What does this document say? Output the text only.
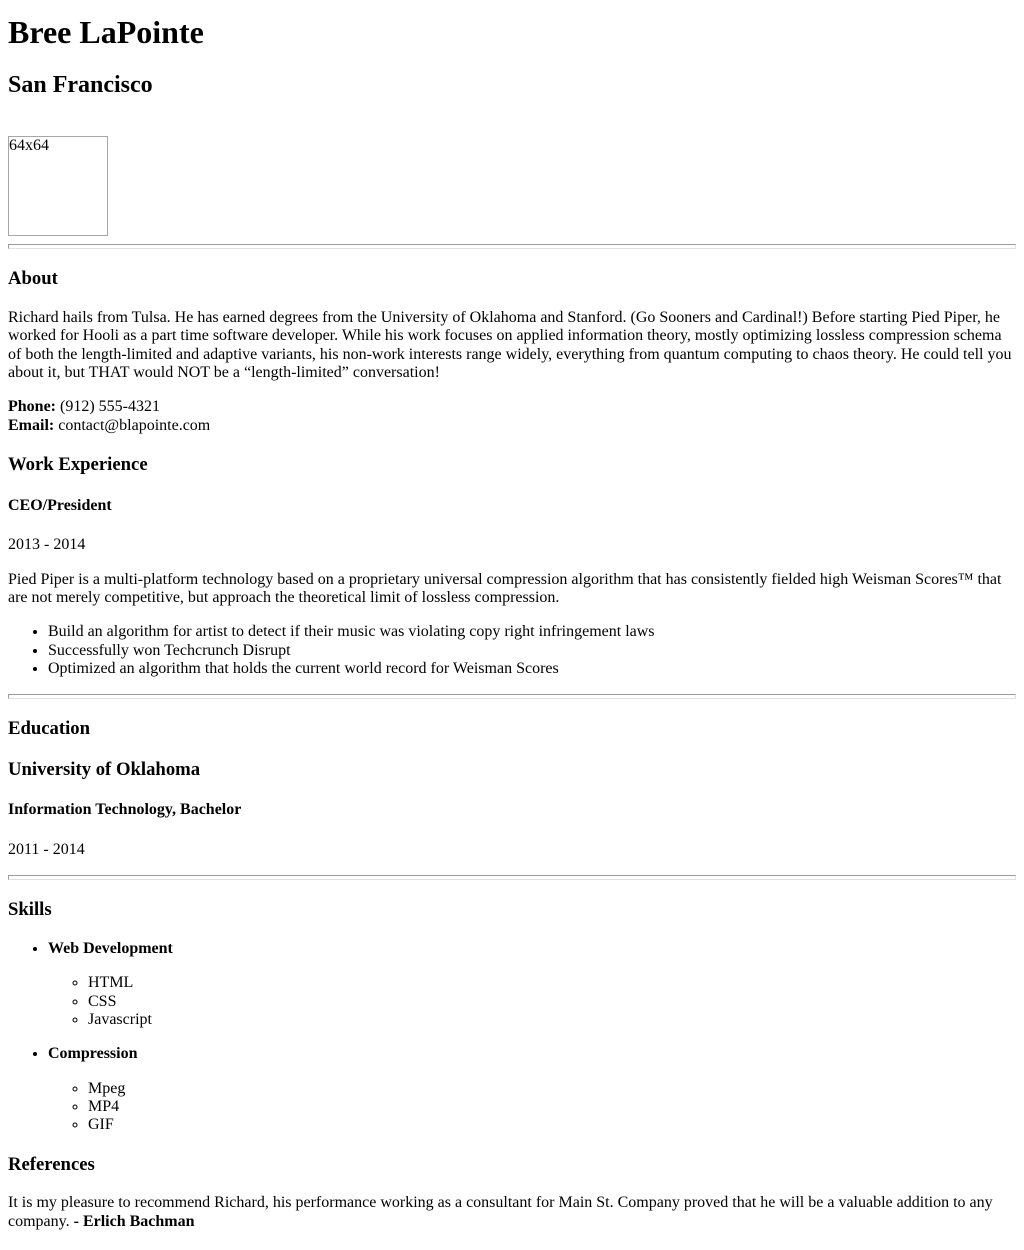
Bree LaPointe
San Francisco
64x64
About

Richard hails from Tulsa. He has earned degrees from the University of Oklahoma and Stanford. (Go Sooners and Cardinal!) Before starting Pied Piper, he worked for Hooli as a part time software developer. While his work focuses on applied information theory, mostly optimizing lossless compression schema of both the length-limited and adaptive variants, his non-work interests range widely, everything from quantum computing to chaos theory. He could tell you about it, but THAT would NOT be a “length-limited” conversation!

Phone: (912) 555-4321
Email: contact@blapointe.com

Work Experience
CEO/President

2013 - 2014

Pied Piper is a multi-platform technology based on a proprietary universal compression algorithm that has consistently fielded high Weisman Scores™ that are not merely competitive, but approach the theoretical limit of lossless compression.

• Build an algorithm for artist to detect if their music was violating copy right infringement laws
• Successfully won Techcrunch Disrupt
• Optimized an algorithm that holds the current world record for Weisman Scores
Education
University of Oklahoma
Information Technology, Bachelor

2011 - 2014

Skills

• Web Development

◦ HTML
◦ CSS
◦ Javascript

• Compression

◦ Mpeg
◦ MP4
◦ GIF
References

It is my pleasure to recommend Richard, his performance working as a consultant for Main St. Company proved that he will be a valuable addition to any company. - Erlich Bachman
